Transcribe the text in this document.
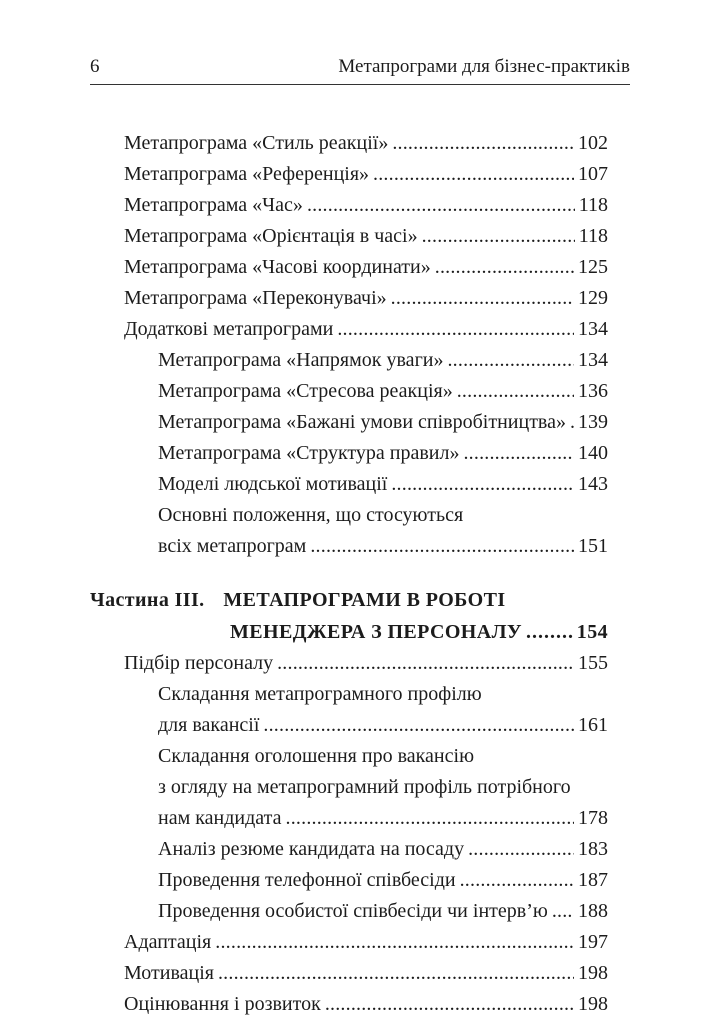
6	Метапрограми для бізнес-практиків
Метапрограма «Стиль реакції» . . .	102
Метапрограма «Референція» . . .	107
Метапрограма «Час» . . .	118
Метапрограма «Орієнтація в часі» . . .	118
Метапрограма «Часові координати» . . .	125
Метапрограма «Переконувачі» . . .	129
Додаткові метапрограми . . .	134
Метапрограма «Напрямок уваги» . . .	134
Метапрограма «Стресова реакція» . . .	136
Метапрограма «Бажані умови співробітництва» . . . 139
Метапрограма «Структура правил» . . .	140
Моделі людської мотивації . . .	143
Основні положення, що стосуються
всіх метапрограм . . .	151
Частина III. МЕТАПРОГРАМИ В РОБОТІ
МЕНЕДЖЕРА З ПЕРСОНАЛУ . . .	154
Підбір персоналу . . .	155
Складання метапрограмного профілю
для вакансії . . .	161
Складання оголошення про вакансію
з огляду на метапрограмний профіль потрібного
нам кандидата . . .	178
Аналіз резюме кандидата на посаду . . .	183
Проведення телефонної співбесіди . . .	187
Проведення особистої співбесіди чи інтерв’ю . . . 188
Адаптація . . .	197
Мотивація . . .	198
Оцінювання і розвиток . . .	198
